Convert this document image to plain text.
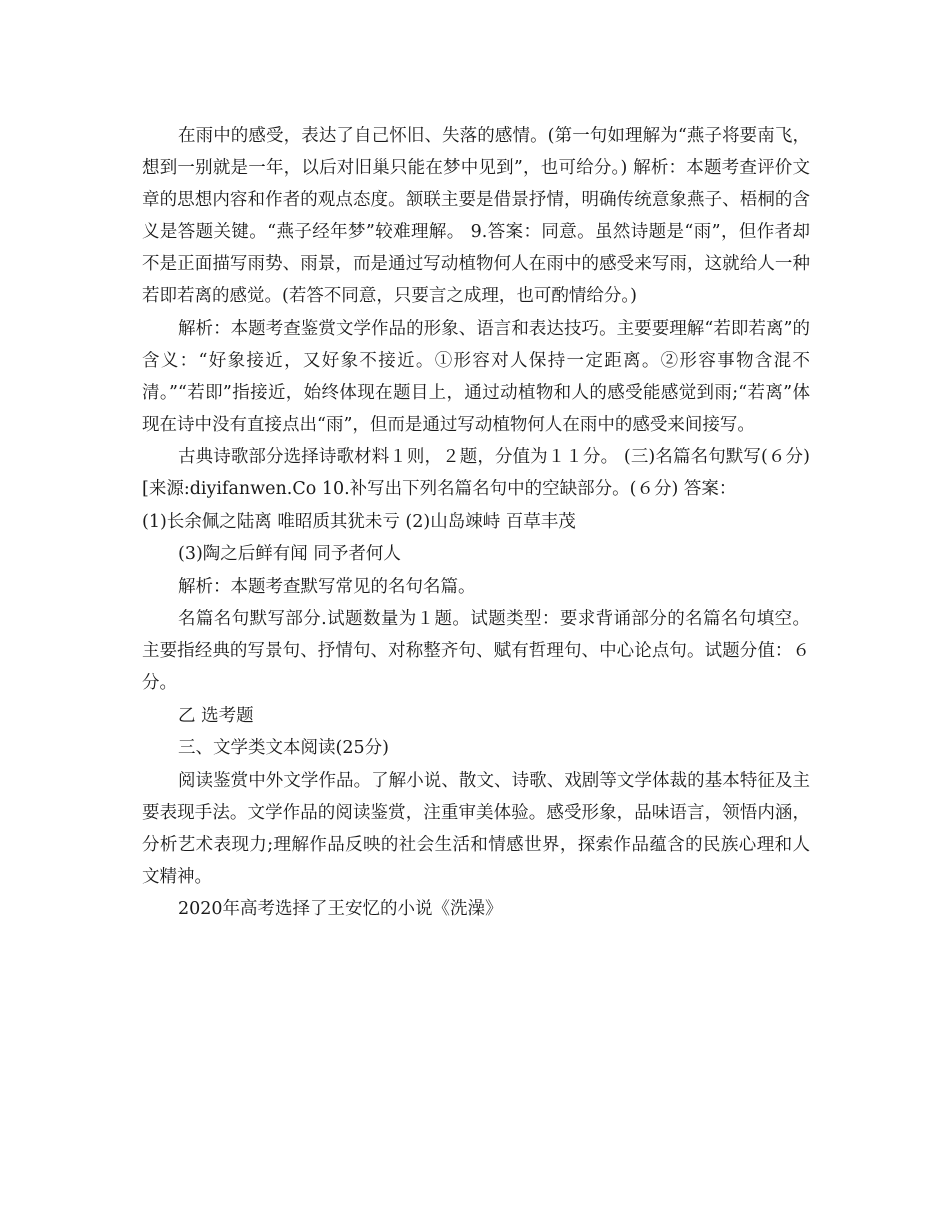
在雨中的感受，表达了自己怀旧、失落的感情。(第一句如理解为“燕子将要南飞，想到一别就是一年，以后对旧巢只能在梦中见到”，也可给分。) 解析：本题考查评价文章的思想内容和作者的观点态度。颔联主要是借景抒情，明确传统意象燕子、梧桐的含义是答题关键。“燕子经年梦”较难理解。 9.答案：同意。虽然诗题是“雨”，但作者却不是正面描写雨势、雨景，而是通过写动植物何人在雨中的感受来写雨，这就给人一种若即若离的感觉。(若答不同意，只要言之成理，也可酌情给分。)

解析：本题考查鉴赏文学作品的形象、语言和表达技巧。主要要理解“若即若离”的含义：“好象接近，又好象不接近。①形容对人保持一定距离。②形容事物含混不清。”“若即”指接近，始终体现在题目上，通过动植物和人的感受能感觉到雨;“若离”体现在诗中没有直接点出“雨”，但而是通过写动植物何人在雨中的感受来间接写。

古典诗歌部分选择诗歌材料１则，２题，分值为１１分。 (三)名篇名句默写(６分)[来源:diyifanwen.Co 10.补写出下列名篇名句中的空缺部分。(６分) 答案：

(1)长余佩之陆离 唯昭质其犹未亏 (2)山岛竦峙 百草丰茂

(3)陶之后鲜有闻 同予者何人

解析：本题考查默写常见的名句名篇。

名篇名句默写部分.试题数量为１题。试题类型：要求背诵部分的名篇名句填空。主要指经典的写景句、抒情句、对称整齐句、赋有哲理句、中心论点句。试题分值：６分。

乙 选考题

三、文学类文本阅读(25分)

阅读鉴赏中外文学作品。了解小说、散文、诗歌、戏剧等文学体裁的基本特征及主要表现手法。文学作品的阅读鉴赏，注重审美体验。感受形象，品味语言，领悟内涵，分析艺术表现力;理解作品反映的社会生活和情感世界，探索作品蕴含的民族心理和人文精神。

2020年高考选择了王安忆的小说《洗澡》
